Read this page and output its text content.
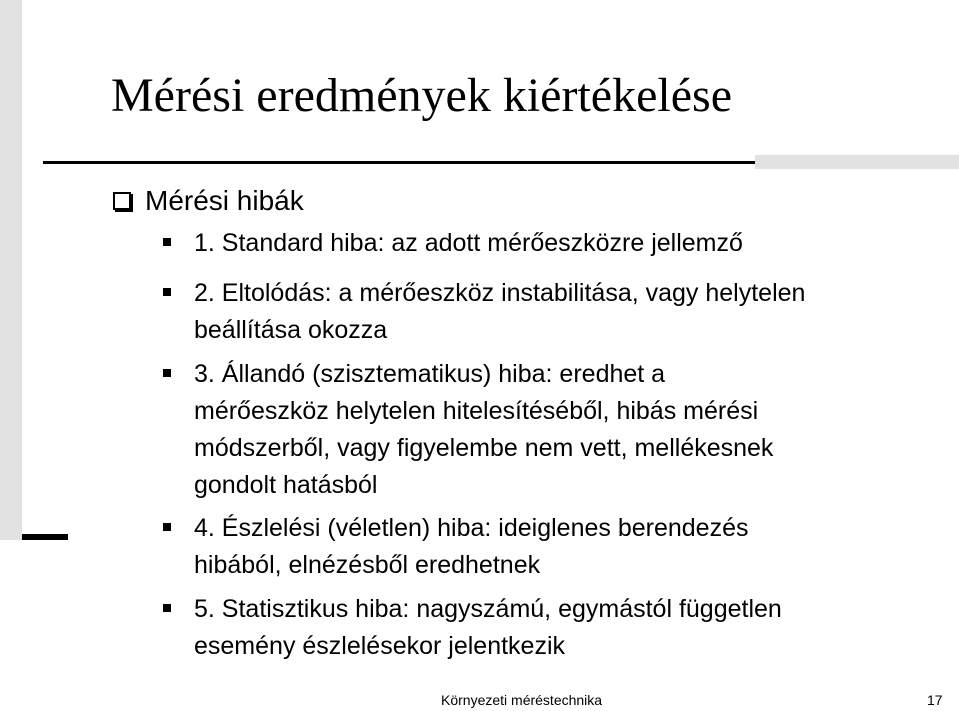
Mérési eredmények kiértékelése
Mérési hibák
1. Standard hiba: az adott mérőeszközre jellemző
2. Eltolódás: a mérőeszköz instabilitása, vagy helytelen
beállítása okozza
3. Állandó (szisztematikus) hiba: eredhet a
mérőeszköz helytelen hitelesítéséből, hibás mérési
módszerből, vagy figyelembe nem vett, mellékesnek
gondolt hatásból
4. Észlelési (véletlen) hiba: ideiglenes berendezés
hibából, elnézésből eredhetnek
5. Statisztikus hiba: nagyszámú, egymástól független
esemény észlelésekor jelentkezik
Környezeti méréstechnika	17
